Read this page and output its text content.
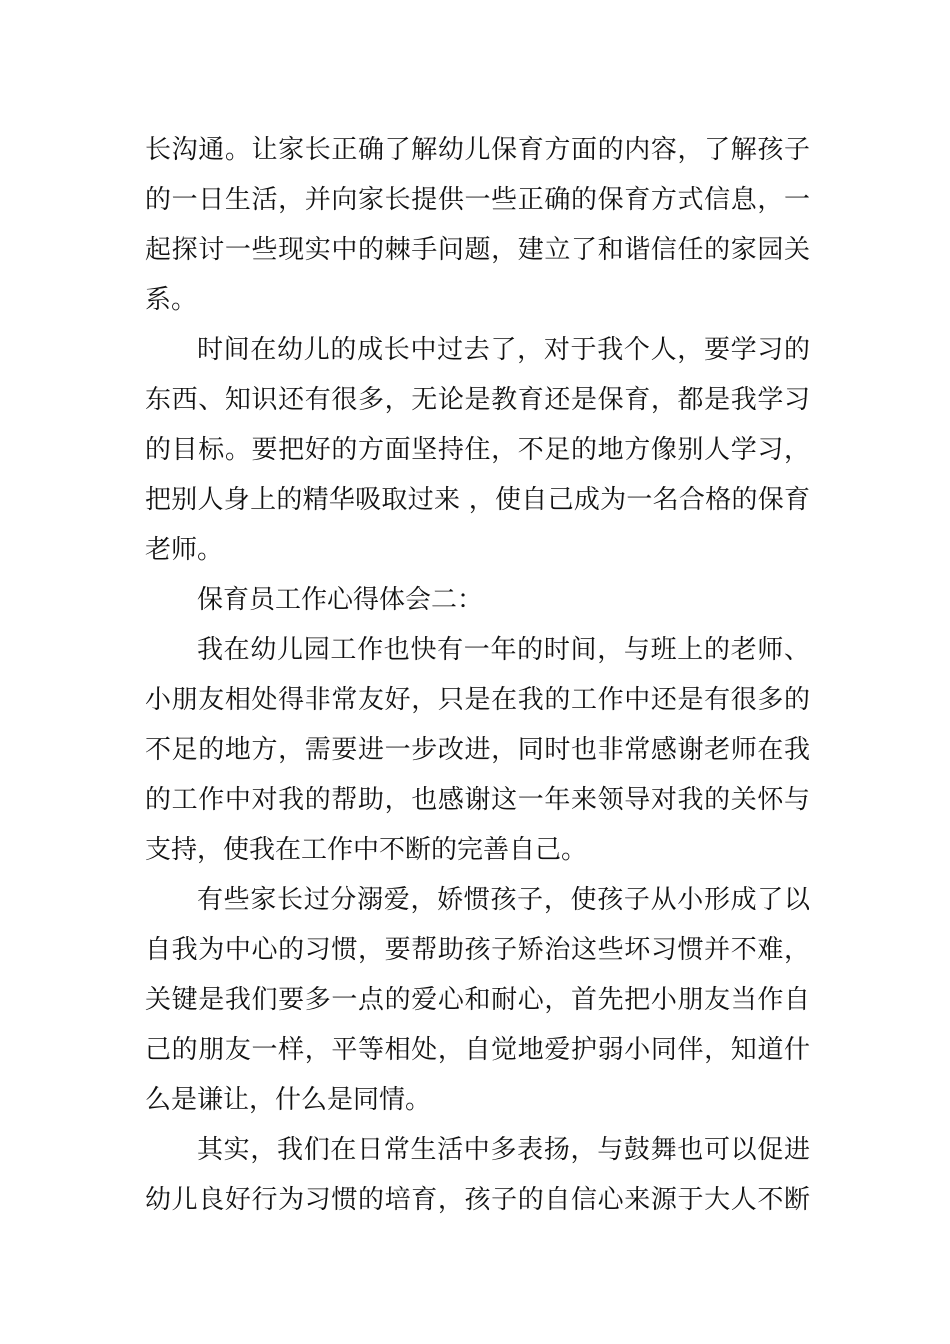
长沟通。让家长正确了解幼儿保育方面的内容，了解孩子
的一日生活，并向家长提供一些正确的保育方式信息，一
起探讨一些现实中的棘手问题，建立了和谐信任的家园关
系。
时间在幼儿的成长中过去了，对于我个人，要学习的
东西、知识还有很多，无论是教育还是保育，都是我学习
的目标。要把好的方面坚持住，不足的地方像别人学习，
把别人身上的精华吸取过来 ，使自己成为一名合格的保育
老师。
保育员工作心得体会二：
我在幼儿园工作也快有一年的时间，与班上的老师、
小朋友相处得非常友好，只是在我的工作中还是有很多的
不足的地方，需要进一步改进，同时也非常感谢老师在我
的工作中对我的帮助，也感谢这一年来领导对我的关怀与
支持，使我在工作中不断的完善自己。
有些家长过分溺爱，娇惯孩子，使孩子从小形成了以
自我为中心的习惯，要帮助孩子矫治这些坏习惯并不难，
关键是我们要多一点的爱心和耐心，首先把小朋友当作自
己的朋友一样，平等相处，自觉地爱护弱小同伴，知道什
么是谦让，什么是同情。
其实，我们在日常生活中多表扬，与鼓舞也可以促进
幼儿良好行为习惯的培育，孩子的自信心来源于大人不断
